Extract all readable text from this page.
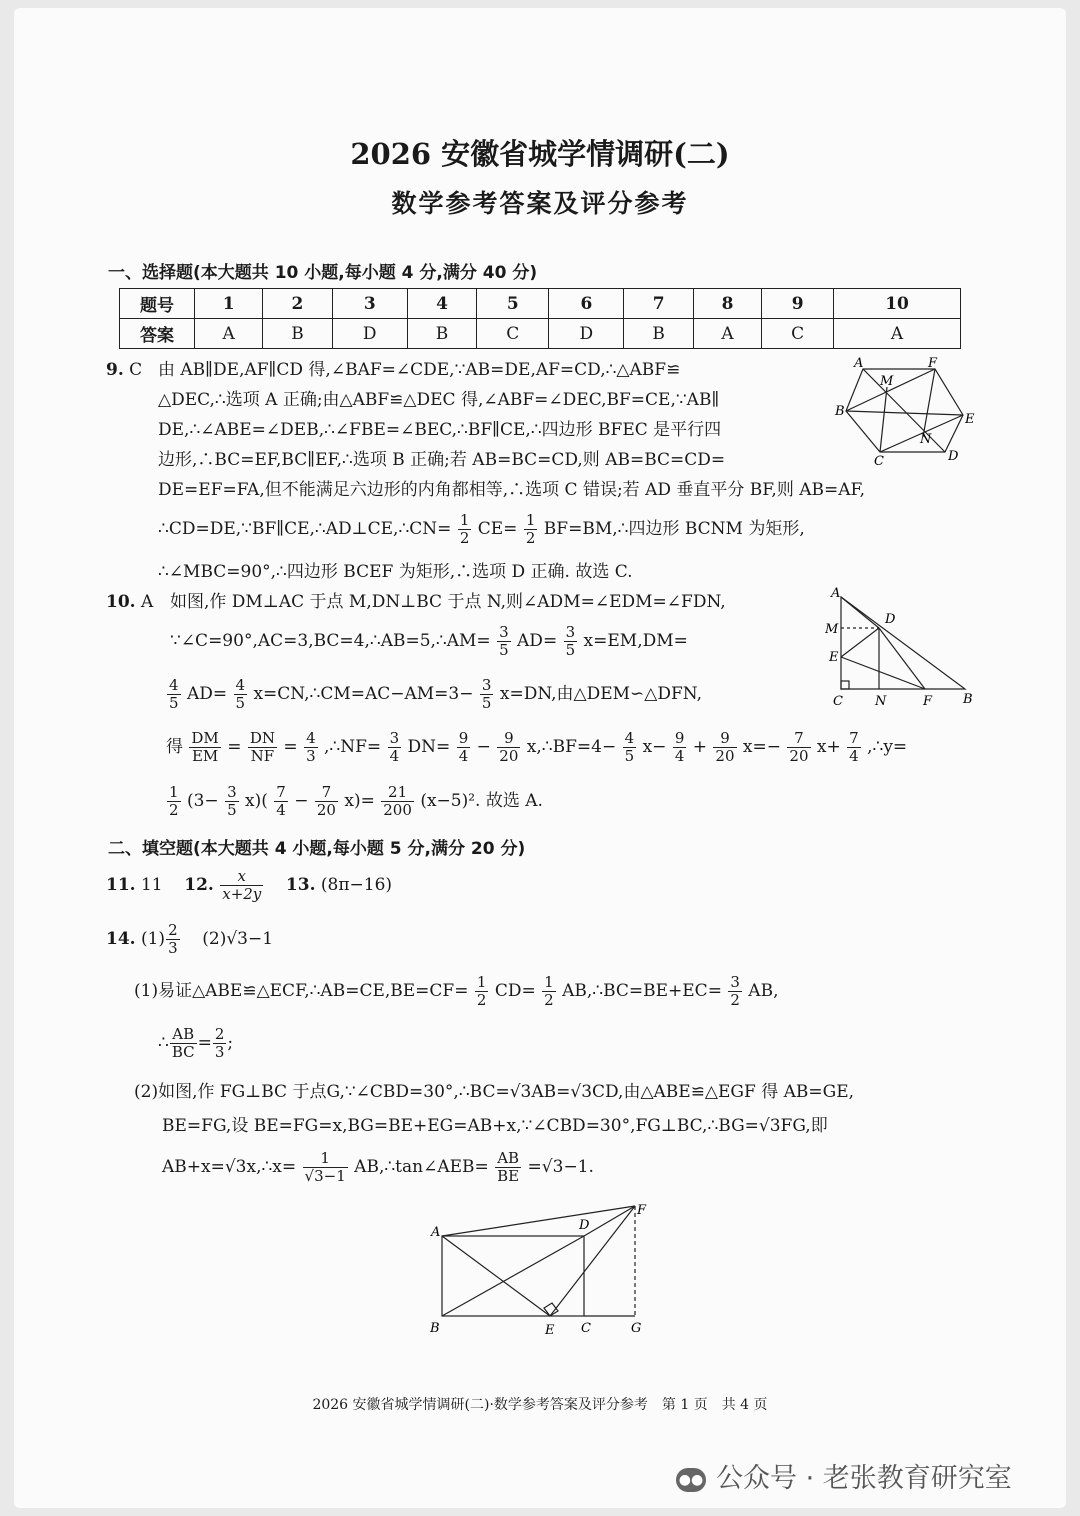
2026 安徽省城学情调研(二)
数学参考答案及评分参考
一、选择题(本大题共 10 小题,每小题 4 分,满分 40 分)
题号	1	2	3	4	5	6	7	8	9	10
答案	A	B	D	B	C	D	B	A	C	A
9. C 由 AB∥DE,AF∥CD 得,∠BAF=∠CDE,∵AB=DE,AF=CD,∴△ABF≌
△DEC,∴选项 A 正确;由△ABF≌△DEC 得,∠ABF=∠DEC,BF=CE,∵AB∥
DE,∴∠ABE=∠DEB,∴∠FBE=∠BEC,∴BF∥CE,∴四边形 BFEC 是平行四
边形,∴BC=EF,BC∥EF,∴选项 B 正确;若 AB=BC=CD,则 AB=BC=CD=
DE=EF=FA,但不能满足六边形的内角都相等,∴选项 C 错误;若 AD 垂直平分 BF,则 AB=AF,
∴CD=DE,∵BF∥CE,∴AD⊥CE,∴CN= $\frac{1}{2} CE= \frac{1}{2}$ BF=BM,∴四边形 BCNM 为矩形,
∴∠MBC=90°,∴四边形 BCEF 为矩形,∴选项 D 正确. 故选 C.
A	F
B
E
C	D
M
N
10. A 如图,作 DM⊥AC 于点 M,DN⊥BC 于点 N,则∠ADM=∠EDM=∠FDN,
∵∠C=90°,AC=3,BC=4,∴AB=5,∴AM= $\frac{3}{5} AD= \frac{3}{5} x=EM,DM=$
$\frac{4}{5} AD= \frac{4}{5}$ x=CN,∴CM=AC−AM=3− $\frac{3}{5} x=DN$,由△DEM∽△DFN,
得 $\frac{DM}{EM} = \frac{DN}{NF} = \frac{4}{3}$ ,∴NF= $\frac{3}{4} DN= \frac{9}{4} - \frac{9}{20}$ x,∴BF=4− $\frac{4}{5} x- \frac{9}{4} + \frac{9}{20} x=- \frac{7}{20} x+ \frac{7}{4}$ ,∴y=
$\frac{1}{2} (3- \frac{3}{5} x)( \frac{7}{4} - \frac{7}{20} x)= \frac{21}{200} (x-5)^2$. 故选 A.
A
D
M
E
C N	F B
二、填空题(本大题共 4 小题,每小题 5 分,满分 20 分)
11. 11 12. $\frac{x}{x+2y} 13$. (8π−16)
14. $(1) \frac{2}{3} (2)√3-1$
(1)易证△ABE≌△ECF,∴AB=CE,BE=CF= $\frac{1}{2} CD= \frac{1}{2}$ AB,∴BC=BE+EC= $\frac{3}{2}$ AB,
∴ $\frac{AB}{BC} = \frac{2}{3}$ ;
(2)如图,作 FG⊥BC 于点G,∵∠CBD=30°,∴BC=√3AB=√3CD,由△ABE≌△EGF 得 AB=GE,
BE=FG,设 BE=FG=x,BG=BE+EG=AB+x,∵∠CBD=30°,FG⊥BC,∴BG=√3FG,即
AB+x=√3x,∴x= $\frac{1}{√3-1}$ AB,∴tan∠AEB= $\frac{AB}{BE} =√3-1$.
A	D
F
B	E C	G
2026 安徽省城学情调研(二)·数学参考答案及评分参考　第 1 页　共 4 页
●● 公众号 · 老张教育研究室
